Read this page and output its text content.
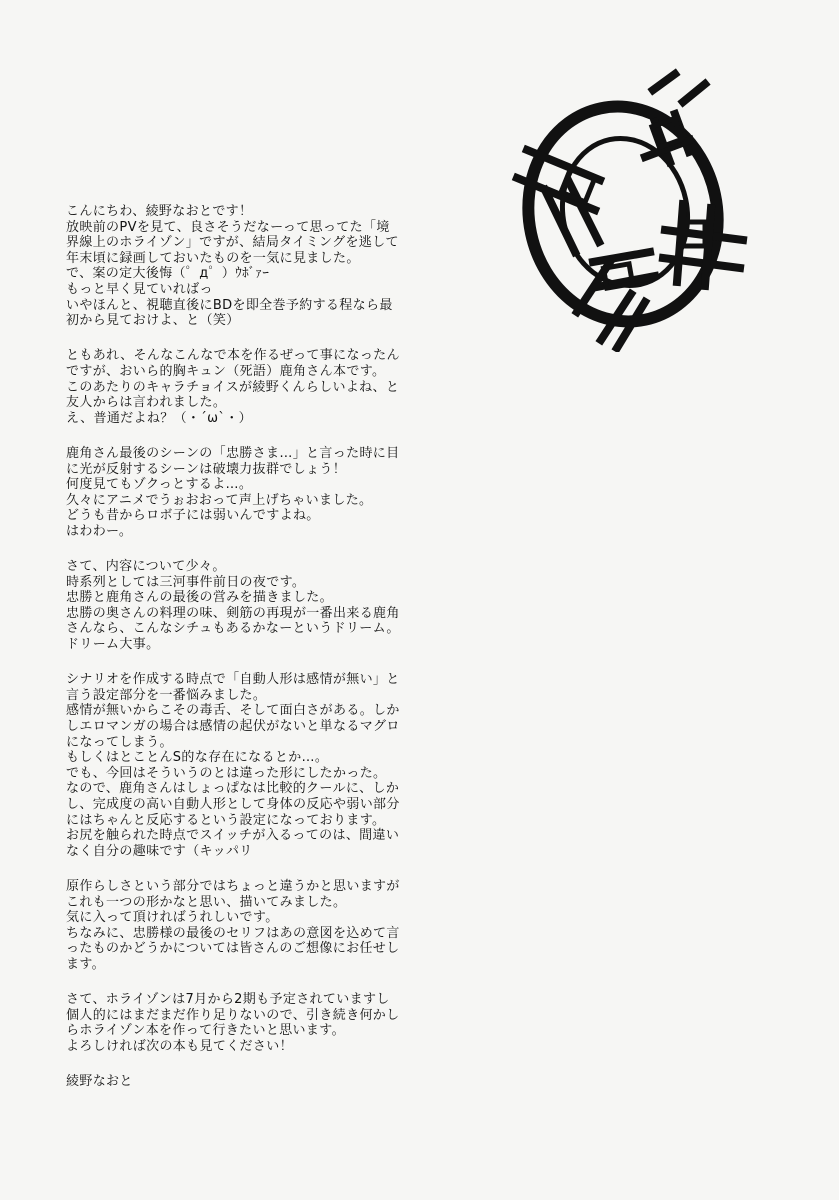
こんにちわ、綾野なおとです！
放映前のPVを見て、良さそうだなーって思ってた「境
界線上のホライゾン」ですが、結局タイミングを逃して
年末頃に録画しておいたものを一気に見ました。
で、案の定大後悔（゜д゜）ｳﾎﾞｧｰ
もっと早く見ていればっ
いやほんと、視聴直後にBDを即全巻予約する程なら最
初から見ておけよ、と（笑）
ともあれ、そんなこんなで本を作るぜって事になったん
ですが、おいら的胸キュン（死語）鹿角さん本です。
このあたりのキャラチョイスが綾野くんらしいよね、と
友人からは言われました。
え、普通だよね？（・´ω`・）
鹿角さん最後のシーンの「忠勝さま…」と言った時に目
に光が反射するシーンは破壊力抜群でしょう！
何度見てもゾクっとするよ…。
久々にアニメでうぉおおって声上げちゃいました。
どうも昔からロボ子には弱いんですよね。
はわわー。
さて、内容について少々。
時系列としては三河事件前日の夜です。
忠勝と鹿角さんの最後の営みを描きました。
忠勝の奥さんの料理の味、剣筋の再現が一番出来る鹿角
さんなら、こんなシチュもあるかなーというドリーム。
ドリーム大事。
シナリオを作成する時点で「自動人形は感情が無い」と
言う設定部分を一番悩みました。
感情が無いからこその毒舌、そして面白さがある。しか
しエロマンガの場合は感情の起伏がないと単なるマグロ
になってしまう。
もしくはとことんS的な存在になるとか…。
でも、今回はそういうのとは違った形にしたかった。
なので、鹿角さんはしょっぱなは比較的クールに、しか
し、完成度の高い自動人形として身体の反応や弱い部分
にはちゃんと反応するという設定になっております。
お尻を触られた時点でスイッチが入るってのは、間違い
なく自分の趣味です（キッパリ
原作らしさという部分ではちょっと違うかと思いますが
これも一つの形かなと思い、描いてみました。
気に入って頂ければうれしいです。
ちなみに、忠勝様の最後のセリフはあの意図を込めて言
ったものかどうかについては皆さんのご想像にお任せし
ます。
さて、ホライゾンは7月から2期も予定されていますし
個人的にはまだまだ作り足りないので、引き続き何かし
らホライゾン本を作って行きたいと思います。
よろしければ次の本も見てください！
綾野なおと
